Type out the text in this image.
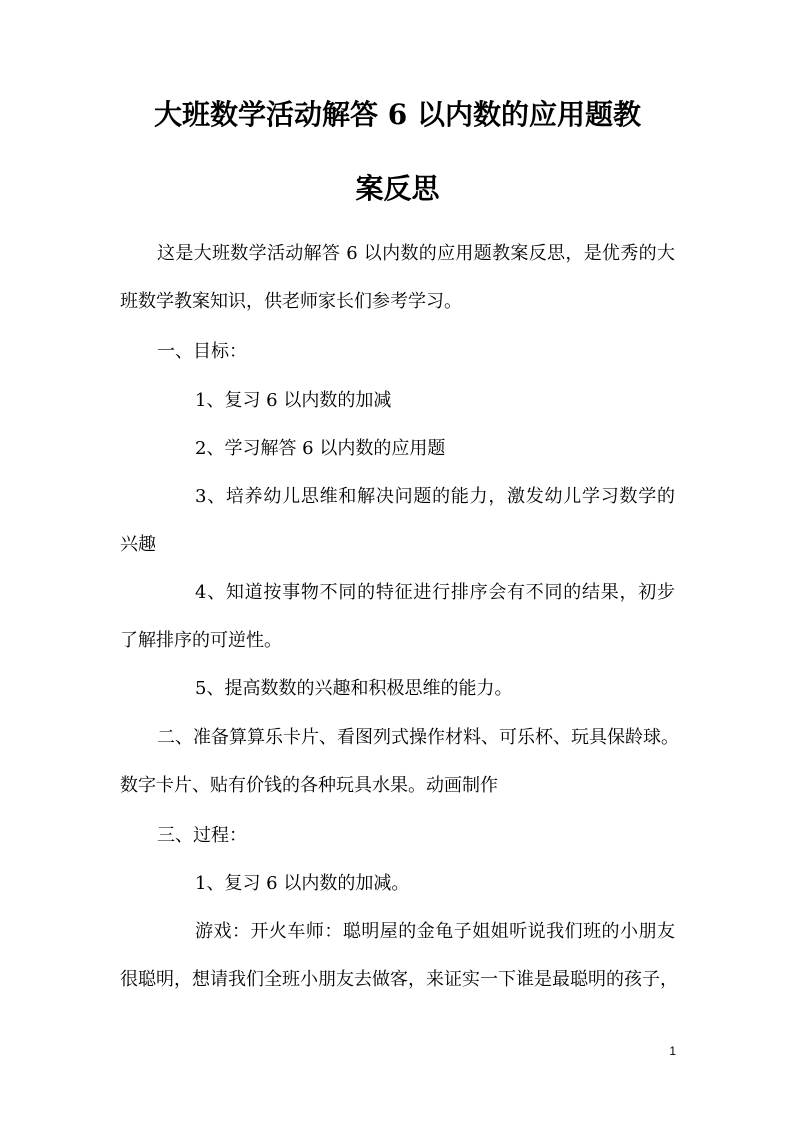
大班数学活动解答 6 以内数的应用题教
案反思
这是大班数学活动解答 6 以内数的应用题教案反思，是优秀的大
班数学教案知识，供老师家长们参考学习。
一、目标：
1、复习 6 以内数的加减
2、学习解答 6 以内数的应用题
3、培养幼儿思维和解决问题的能力，激发幼儿学习数学的
兴趣
4、知道按事物不同的特征进行排序会有不同的结果，初步
了解排序的可逆性。
5、提高数数的兴趣和积极思维的能力。
二、准备算算乐卡片、看图列式操作材料、可乐杯、玩具保龄球。
数字卡片、贴有价钱的各种玩具水果。动画制作
三、过程：
1、复习 6 以内数的加减。
游戏：开火车师：聪明屋的金龟子姐姐听说我们班的小朋友
很聪明，想请我们全班小朋友去做客，来证实一下谁是最聪明的孩子，
1
